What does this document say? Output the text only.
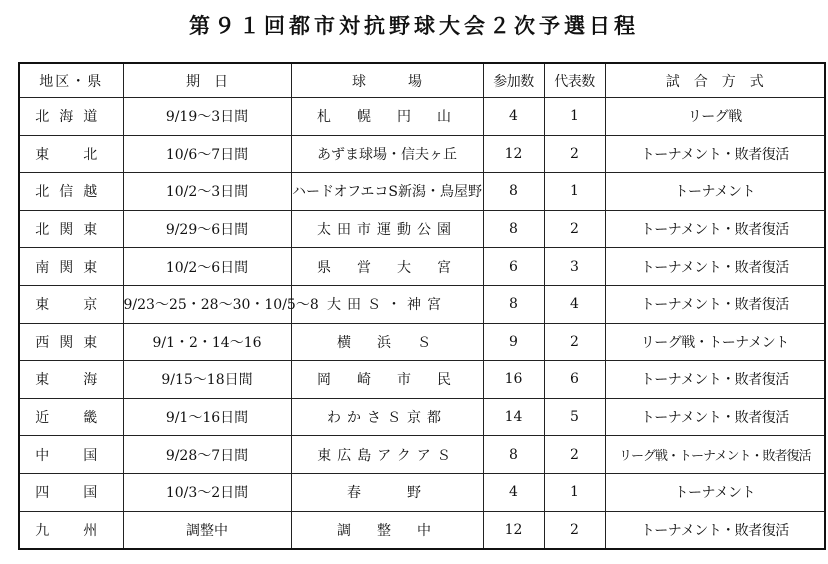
第９１回都市対抗野球大会２次予選日程
地区・県	期　日	球　　　場	参加数	代表数	試　合　方　式
北海道	9/19～3日間	札　幌　円　山	4	1	リーグ戦
東　北	10/6～7日間	あずま球場・信夫ヶ丘	12	2	トーナメント・敗者復活
北信越	10/2～3日間	ハードオフエコS新潟・鳥屋野	8	1	トーナメント
北関東	9/29～6日間	太田市運動公園	8	2	トーナメント・敗者復活
南関東	10/2～6日間	県　営　大　宮	6	3	トーナメント・敗者復活
東　京	9/23～25・28～30・10/5～8	大田Ｓ・神宮	8	4	トーナメント・敗者復活
西関東	9/1・2・14～16	横　浜　Ｓ	9	2	リーグ戦・トーナメント
東　海	9/15～18日間	岡　崎　市　民	16	6	トーナメント・敗者復活
近　畿	9/1～16日間	わかさＳ京都	14	5	トーナメント・敗者復活
中　国	9/28～7日間	東広島アクアＳ	8	2	リーグ戦・トーナメント・敗者復活
四　国	10/3～2日間	春　　野	4	1	トーナメント
九　州	調整中	調　整　中	12	2	トーナメント・敗者復活
